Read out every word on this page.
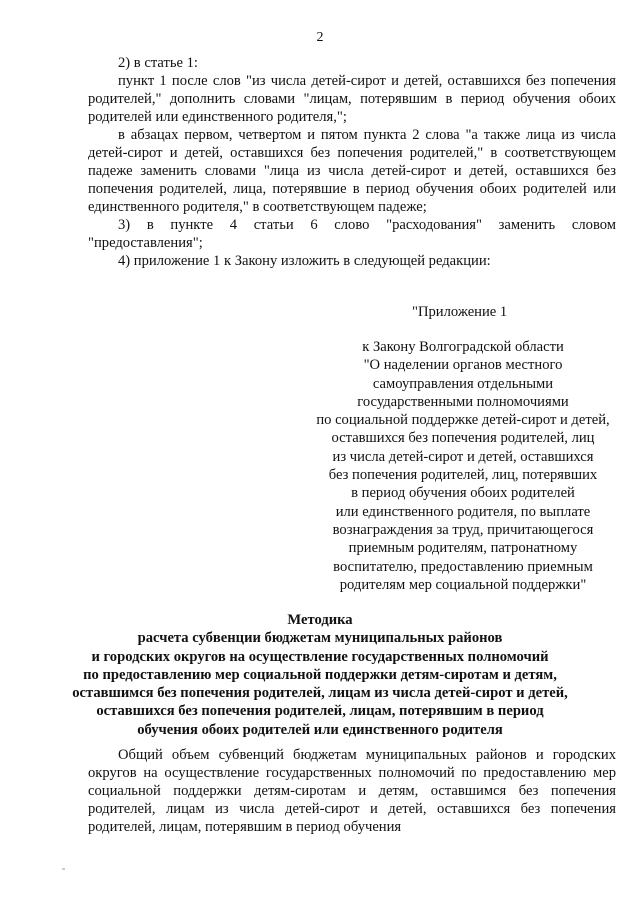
2

2) в статье 1:

пункт 1 после слов "из числа детей-сирот и детей, оставшихся без попечения родителей," дополнить словами "лицам, потерявшим в период обучения обоих родителей или единственного родителя,";

в абзацах первом, четвертом и пятом пункта 2 слова "а также лица из числа детей-сирот и детей, оставшихся без попечения родителей," в соответствующем падеже заменить словами "лица из числа детей-сирот и детей, оставшихся без попечения родителей, лица, потерявшие в период обучения обоих родителей или единственного родителя," в соответствующем падеже;

3) в пункте 4 статьи 6 слово "расходования" заменить словом "предоставления";

4) приложение 1 к Закону изложить в следующей редакции:

"Приложение 1
к Закону Волгоградской области
"О наделении органов местного
самоуправления отдельными
государственными полномочиями
по социальной поддержке детей-сирот и детей,
оставшихся без попечения родителей, лиц
из числа детей-сирот и детей, оставшихся
без попечения родителей, лиц, потерявших
в период обучения обоих родителей
или единственного родителя, по выплате
вознаграждения за труд, причитающегося
приемным родителям, патронатному
воспитателю, предоставлению приемным
родителям мер социальной поддержки"
Методика
расчета субвенции бюджетам муниципальных районов
и городских округов на осуществление государственных полномочий
по предоставлению мер социальной поддержки детям-сиротам и детям,
оставшимся без попечения родителей, лицам из числа детей-сирот и детей,
оставшихся без попечения родителей, лицам, потерявшим в период
обучения обоих родителей или единственного родителя

Общий объем субвенций бюджетам муниципальных районов и городских округов на осуществление государственных полномочий по предоставлению мер социальной поддержки детям-сиротам и детям, оставшимся без попечения родителей, лицам из числа детей-сирот и детей, оставшихся без попечения родителей, лицам, потерявшим в период обучения
